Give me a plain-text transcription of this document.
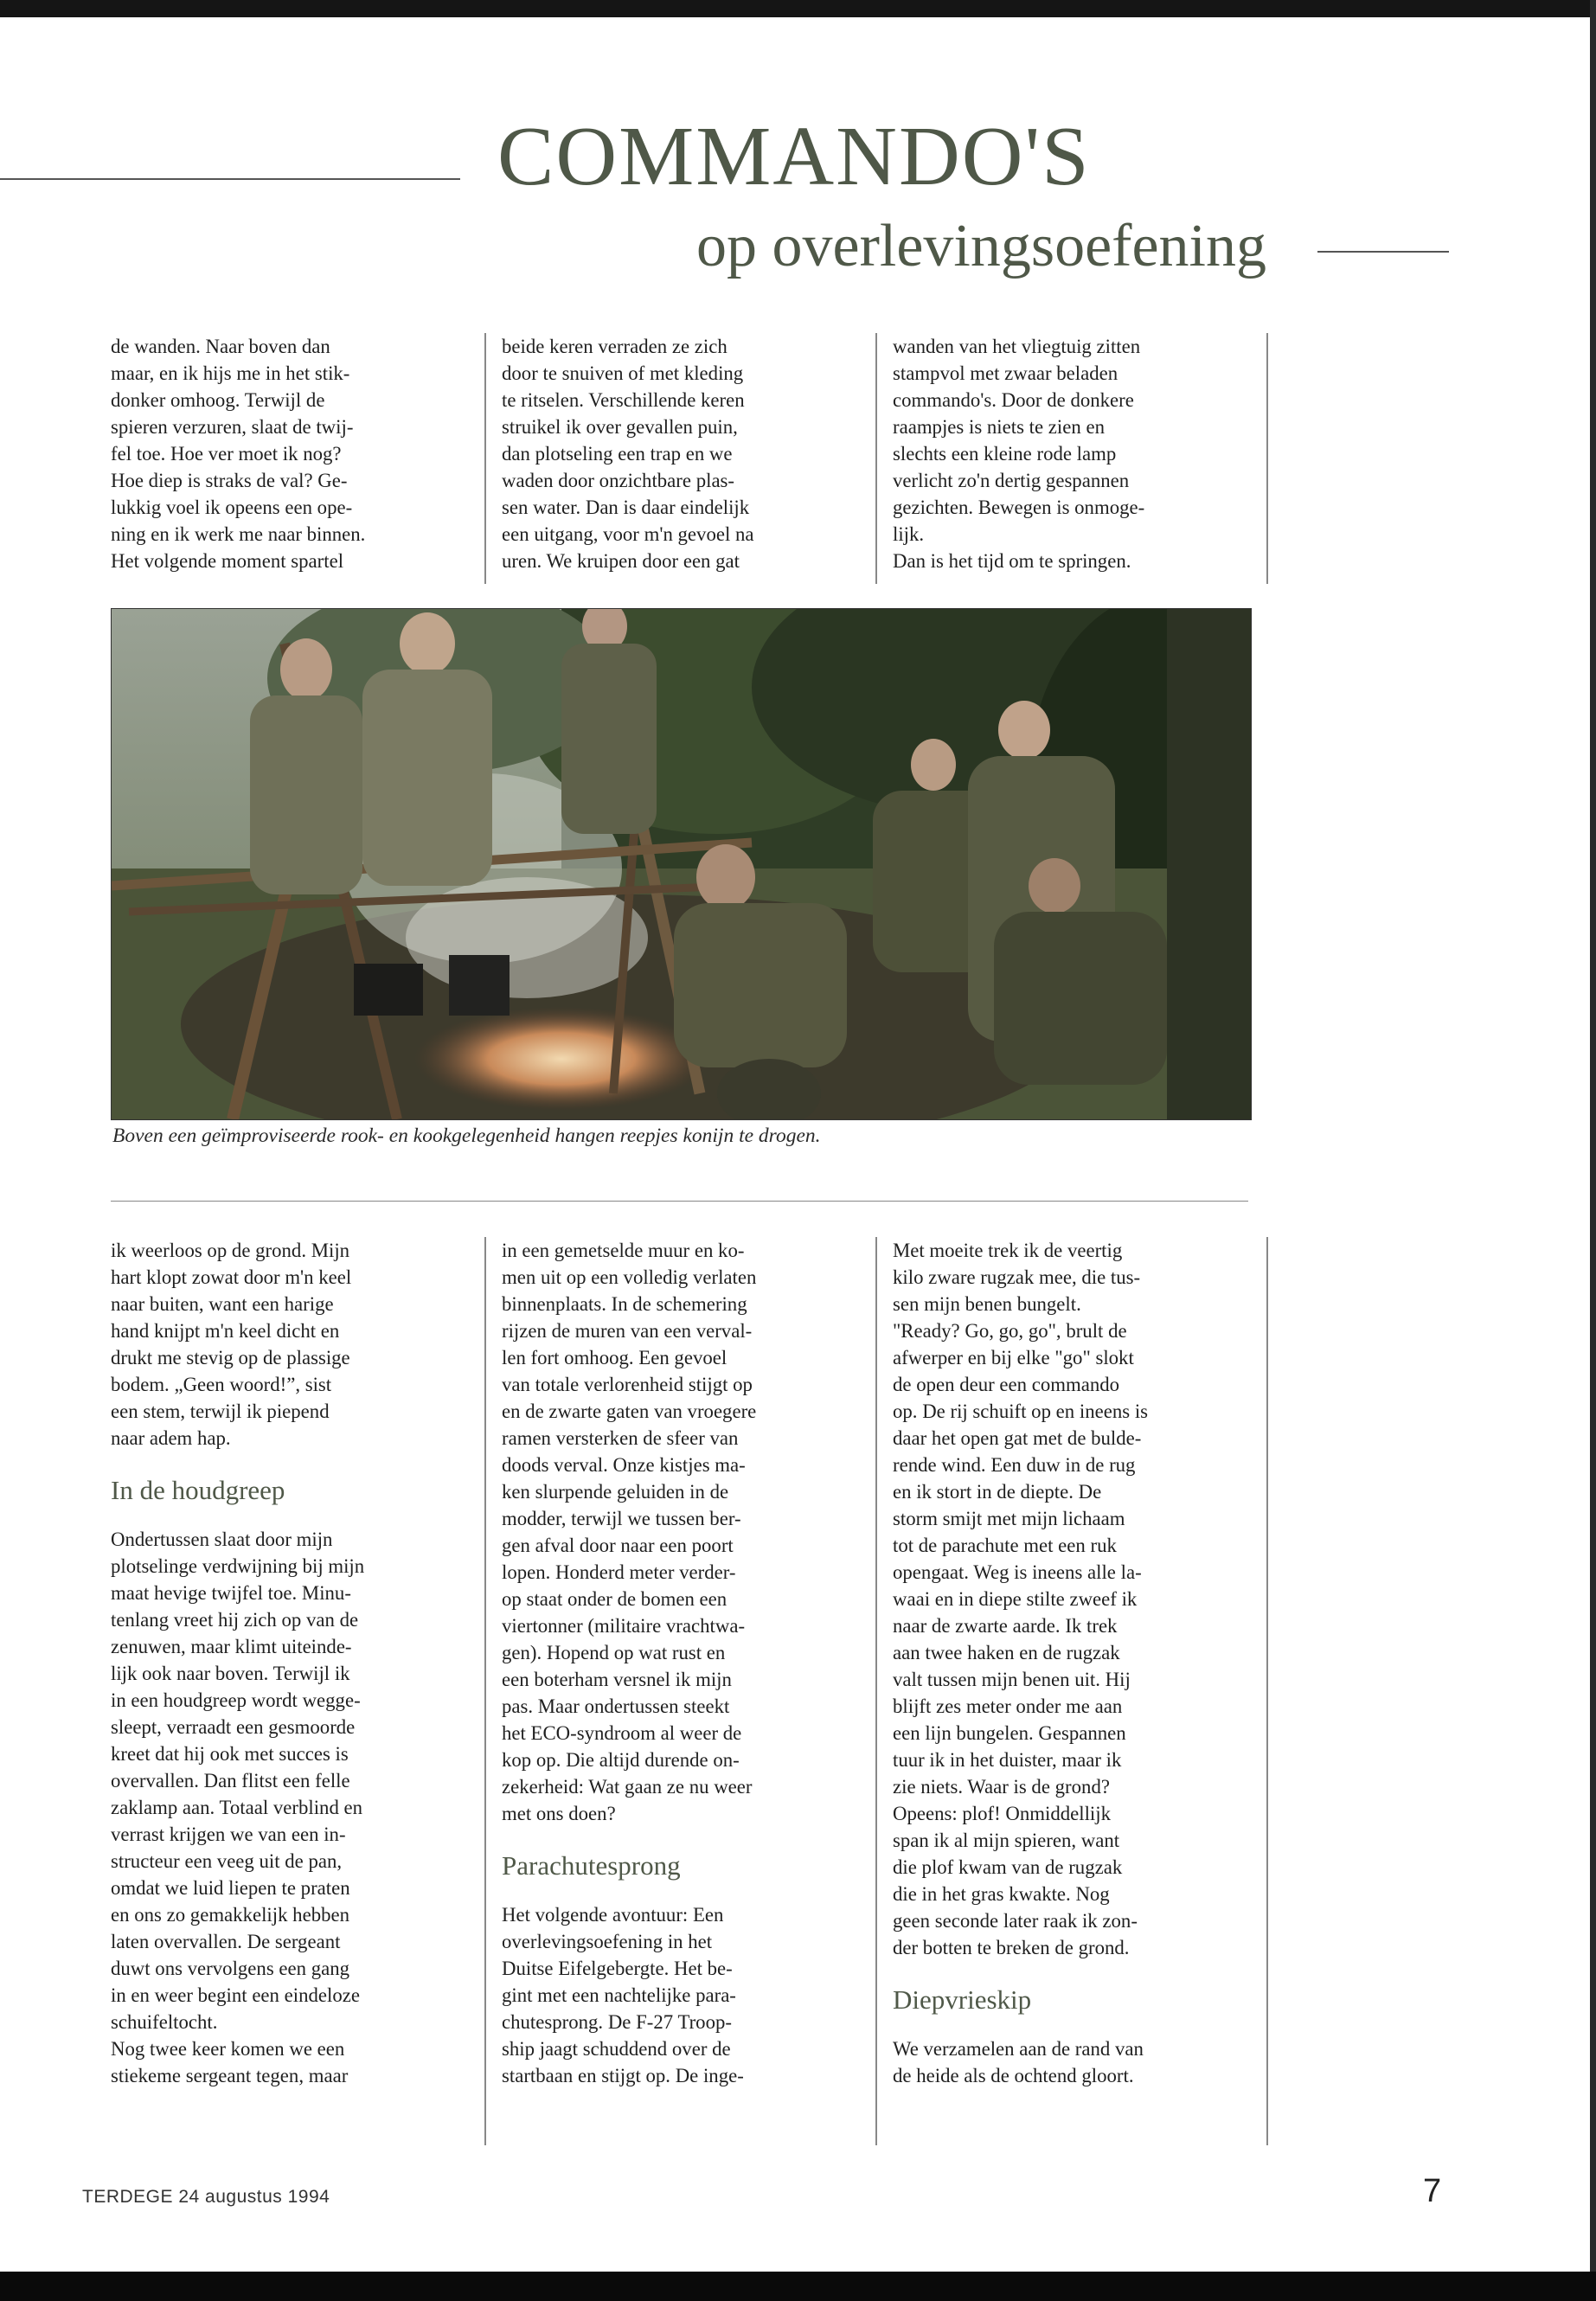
COMMANDO'S
op overlevingsoefening

de wanden. Naar boven dan

maar, en ik hijs me in het stik-

donker omhoog. Terwijl de

spieren verzuren, slaat de twij-

fel toe. Hoe ver moet ik nog?

Hoe diep is straks de val? Ge-

lukkig voel ik opeens een ope-

ning en ik werk me naar binnen.

Het volgende moment spartel

beide keren verraden ze zich

door te snuiven of met kleding

te ritselen. Verschillende keren

struikel ik over gevallen puin,

dan plotseling een trap en we

waden door onzichtbare plas-

sen water. Dan is daar eindelijk

een uitgang, voor m'n gevoel na

uren. We kruipen door een gat

wanden van het vliegtuig zitten

stampvol met zwaar beladen

commando's. Door de donkere

raampjes is niets te zien en

slechts een kleine rode lamp

verlicht zo'n dertig gespannen

gezichten. Bewegen is onmoge-

lijk.

Dan is het tijd om te springen.

Boven een geïmproviseerde rook- en kookgelegenheid hangen reepjes konijn te drogen.

ik weerloos op de grond. Mijn

hart klopt zowat door m'n keel

naar buiten, want een harige

hand knijpt m'n keel dicht en

drukt me stevig op de plassige

bodem. „Geen woord!”, sist

een stem, terwijl ik piepend

naar adem hap.

In de houdgreep

Ondertussen slaat door mijn

plotselinge verdwijning bij mijn

maat hevige twijfel toe. Minu-

tenlang vreet hij zich op van de

zenuwen, maar klimt uiteinde-

lijk ook naar boven. Terwijl ik

in een houdgreep wordt wegge-

sleept, verraadt een gesmoorde

kreet dat hij ook met succes is

overvallen. Dan flitst een felle

zaklamp aan. Totaal verblind en

verrast krijgen we van een in-

structeur een veeg uit de pan,

omdat we luid liepen te praten

en ons zo gemakkelijk hebben

laten overvallen. De sergeant

duwt ons vervolgens een gang

in en weer begint een eindeloze

schuifeltocht.

Nog twee keer komen we een

stiekeme sergeant tegen, maar

in een gemetselde muur en ko-

men uit op een volledig verlaten

binnenplaats. In de schemering

rijzen de muren van een verval-

len fort omhoog. Een gevoel

van totale verlorenheid stijgt op

en de zwarte gaten van vroegere

ramen versterken de sfeer van

doods verval. Onze kistjes ma-

ken slurpende geluiden in de

modder, terwijl we tussen ber-

gen afval door naar een poort

lopen. Honderd meter verder-

op staat onder de bomen een

viertonner (militaire vrachtwa-

gen). Hopend op wat rust en

een boterham versnel ik mijn

pas. Maar ondertussen steekt

het ECO-syndroom al weer de

kop op. Die altijd durende on-

zekerheid: Wat gaan ze nu weer

met ons doen?

Parachutesprong

Het volgende avontuur: Een

overlevingsoefening in het

Duitse Eifelgebergte. Het be-

gint met een nachtelijke para-

chutesprong. De F-27 Troop-

ship jaagt schuddend over de

startbaan en stijgt op. De inge-

Met moeite trek ik de veertig

kilo zware rugzak mee, die tus-

sen mijn benen bungelt.

"Ready? Go, go, go", brult de

afwerper en bij elke "go" slokt

de open deur een commando

op. De rij schuift op en ineens is

daar het open gat met de bulde-

rende wind. Een duw in de rug

en ik stort in de diepte. De

storm smijt met mijn lichaam

tot de parachute met een ruk

opengaat. Weg is ineens alle la-

waai en in diepe stilte zweef ik

naar de zwarte aarde. Ik trek

aan twee haken en de rugzak

valt tussen mijn benen uit. Hij

blijft zes meter onder me aan

een lijn bungelen. Gespannen

tuur ik in het duister, maar ik

zie niets. Waar is de grond?

Opeens: plof! Onmiddellijk

span ik al mijn spieren, want

die plof kwam van de rugzak

die in het gras kwakte. Nog

geen seconde later raak ik zon-

der botten te breken de grond.

Diepvrieskip

We verzamelen aan de rand van

de heide als de ochtend gloort.

TERDEGE 24 augustus 1994	7
